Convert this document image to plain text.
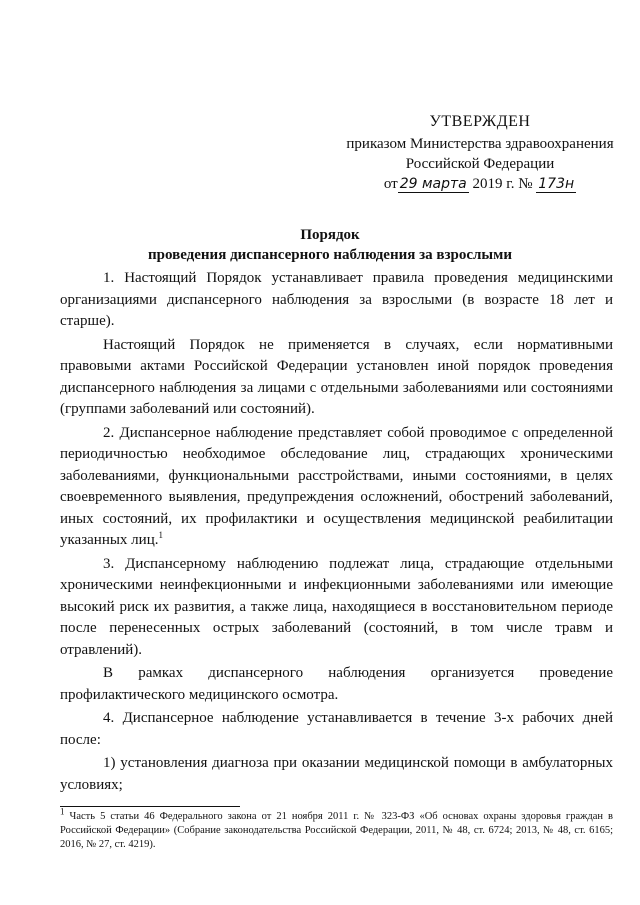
УТВЕРЖДЕН
приказом Министерства здравоохранения
Российской Федерации
от 29 марта 2019 г. № 173н
Порядок
проведения диспансерного наблюдения за взрослыми

1. Настоящий Порядок устанавливает правила проведения медицинскими организациями диспансерного наблюдения за взрослыми (в возрасте 18 лет и старше).

Настоящий Порядок не применяется в случаях, если нормативными правовыми актами Российской Федерации установлен иной порядок проведения диспансерного наблюдения за лицами с отдельными заболеваниями или состояниями (группами заболеваний или состояний).

2. Диспансерное наблюдение представляет собой проводимое с определенной периодичностью необходимое обследование лиц, страдающих хроническими заболеваниями, функциональными расстройствами, иными состояниями, в целях своевременного выявления, предупреждения осложнений, обострений заболеваний, иных состояний, их профилактики и осуществления медицинской реабилитации указанных лиц.$^1$

3. Диспансерному наблюдению подлежат лица, страдающие отдельными хроническими неинфекционными и инфекционными заболеваниями или имеющие высокий риск их развития, а также лица, находящиеся в восстановительном периоде после перенесенных острых заболеваний (состояний, в том числе травм и отравлений).

В рамках диспансерного наблюдения организуется проведение профилактического медицинского осмотра.

4. Диспансерное наблюдение устанавливается в течение 3-х рабочих дней после:

1) установления диагноза при оказании медицинской помощи в амбулаторных условиях;

$^1$ Часть 5 статьи 46 Федерального закона от 21 ноября 2011 г. № 323-ФЗ «Об основах охраны здоровья граждан в Российской Федерации» (Собрание законодательства Российской Федерации, 2011, № 48, ст. 6724; 2013, № 48, ст. 6165; 2016, № 27, ст. 4219).
